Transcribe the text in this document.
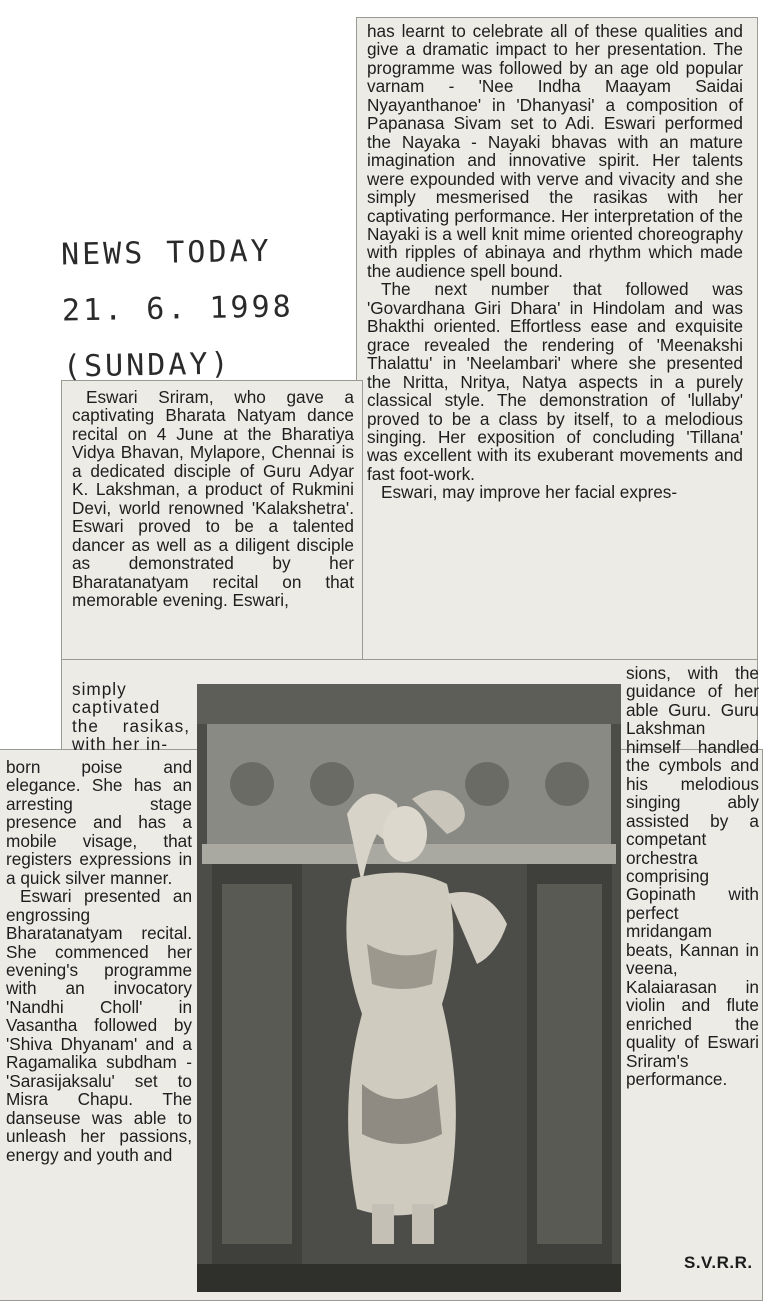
NEWS TODAY
21. 6. 1998
(SUNDAY)

has learnt to celebrate all of these qualities and give a dramatic impact to her presentation. The programme was followed by an age old popular varnam - 'Nee Indha Maayam Saidai Nyayanthanoe' in 'Dhanyasi' a composition of Papanasa Sivam set to Adi. Eswari performed the Nayaka - Nayaki bhavas with an mature imagination and innovative spirit. Her talents were expounded with verve and vivacity and she simply mesmerised the rasikas with her captivating performance. Her interpretation of the Nayaki is a well knit mime oriented choreography with ripples of abinaya and rhythm which made the audience spell bound.

The next number that followed was 'Govardhana Giri Dhara' in Hindolam and was Bhakthi oriented. Effortless ease and exquisite grace revealed the rendering of 'Meenakshi Thalattu' in 'Neelambari' where she presented the Nritta, Nritya, Natya aspects in a purely classical style. The demonstration of 'lullaby' proved to be a class by itself, to a melodious singing. Her exposition of concluding 'Tillana' was excellent with its exuberant movements and fast foot-work.

Eswari, may improve her facial expres-

Eswari Sriram, who gave a captivating Bharata Natyam dance recital on 4 June at the Bharatiya Vidya Bhavan, Mylapore, Chennai is a dedicated disciple of Guru Adyar K. Lakshman, a product of Rukmini Devi, world renowned 'Kalakshetra'. Eswari proved to be a talented dancer as well as a diligent disciple as demonstrated by her Bharatanatyam recital on that memorable evening. Eswari,

simply captivated the rasikas, with her in-

born poise and elegance. She has an arresting stage presence and has a mobile visage, that registers expressions in a quick silver manner.

Eswari presented an engrossing Bharatanatyam recital. She commenced her evening's programme with an invocatory 'Nandhi Choll' in Vasantha followed by 'Shiva Dhyanam' and a Ragamalika subdham - 'Sarasijaksalu' set to Misra Chapu. The danseuse was able to unleash her passions, energy and youth and

sions, with the guidance of her able Guru. Guru Lakshman himself handled the cymbols and his melodious singing ably assisted by a competant orchestra comprising Gopinath with perfect mridangam beats, Kannan in veena, Kalaiarasan in violin and flute enriched the quality of Eswari Sriram's performance.

S.V.R.R.
